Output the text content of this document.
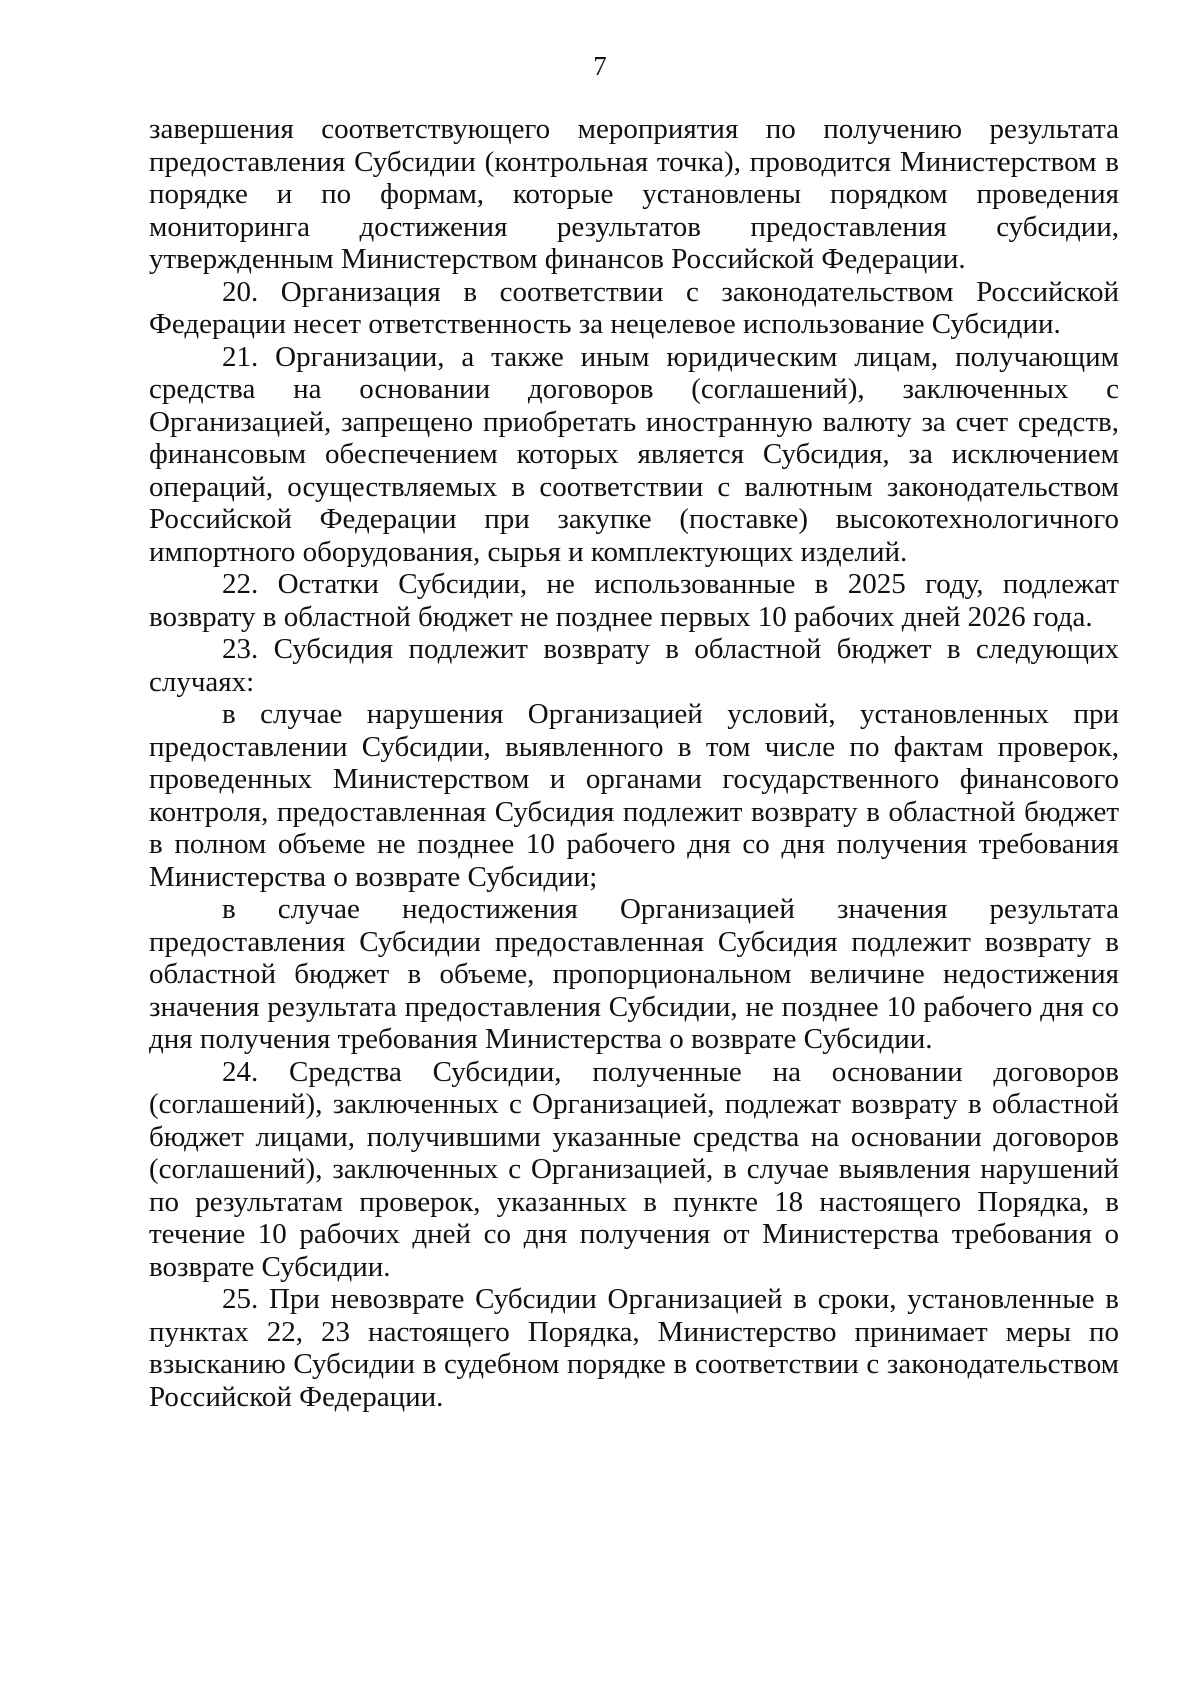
7

завершения соответствующего мероприятия по получению результата предоставления Субсидии (контрольная точка), проводится Министерством в порядке и по формам, которые установлены порядком проведения мониторинга достижения результатов предоставления субсидии, утвержденным Министерством финансов Российской Федерации.

20. Организация в соответствии с законодательством Российской Федерации несет ответственность за нецелевое использование Субсидии.

21. Организации, а также иным юридическим лицам, получающим средства на основании договоров (соглашений), заключенных с Организацией, запрещено приобретать иностранную валюту за счет средств, финансовым обеспечением которых является Субсидия, за исключением операций, осуществляемых в соответствии с валютным законодательством Российской Федерации при закупке (поставке) высокотехнологичного импортного оборудования, сырья и комплектующих изделий.

22. Остатки Субсидии, не использованные в 2025 году, подлежат возврату в областной бюджет не позднее первых 10 рабочих дней 2026 года.

23. Субсидия подлежит возврату в областной бюджет в следующих случаях:

в случае нарушения Организацией условий, установленных при предоставлении Субсидии, выявленного в том числе по фактам проверок, проведенных Министерством и органами государственного финансового контроля, предоставленная Субсидия подлежит возврату в областной бюджет в полном объеме не позднее 10 рабочего дня со дня получения требования Министерства о возврате Субсидии;

в случае недостижения Организацией значения результата предоставления Субсидии предоставленная Субсидия подлежит возврату в областной бюджет в объеме, пропорциональном величине недостижения значения результата предоставления Субсидии, не позднее 10 рабочего дня со дня получения требования Министерства о возврате Субсидии.

24. Средства Субсидии, полученные на основании договоров (соглашений), заключенных с Организацией, подлежат возврату в областной бюджет лицами, получившими указанные средства на основании договоров (соглашений), заключенных с Организацией, в случае выявления нарушений по результатам проверок, указанных в пункте 18 настоящего Порядка, в течение 10 рабочих дней со дня получения от Министерства требования о возврате Субсидии.

25. При невозврате Субсидии Организацией в сроки, установленные в пунктах 22, 23 настоящего Порядка, Министерство принимает меры по взысканию Субсидии в судебном порядке в соответствии с законодательством Российской Федерации.
